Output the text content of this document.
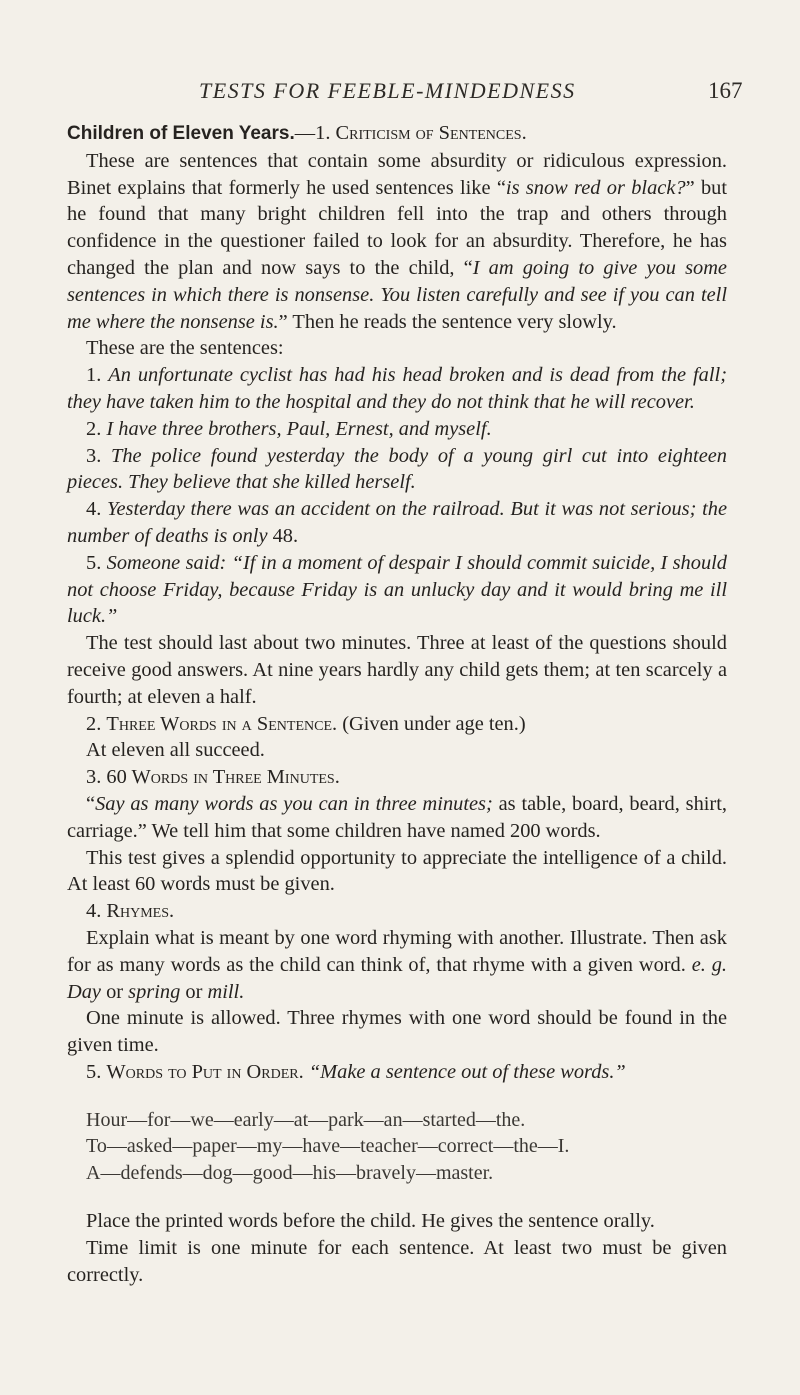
TESTS FOR FEEBLE-MINDEDNESS	167

Children of Eleven Years.—1. Criticism of Sentences.

These are sentences that contain some absurdity or ridiculous expression. Binet explains that formerly he used sentences like “is snow red or black?” but he found that many bright children fell into the trap and others through confidence in the questioner failed to look for an absurdity. Therefore, he has changed the plan and now says to the child, “I am going to give you some sentences in which there is nonsense. You listen carefully and see if you can tell me where the nonsense is.” Then he reads the sentence very slowly.

These are the sentences:

1. An unfortunate cyclist has had his head broken and is dead from the fall; they have taken him to the hospital and they do not think that he will recover.

2. I have three brothers, Paul, Ernest, and myself.

3. The police found yesterday the body of a young girl cut into eighteen pieces. They believe that she killed herself.

4. Yesterday there was an accident on the railroad. But it was not serious; the number of deaths is only 48.

5. Someone said: “If in a moment of despair I should commit suicide, I should not choose Friday, because Friday is an unlucky day and it would bring me ill luck.”

The test should last about two minutes. Three at least of the questions should receive good answers. At nine years hardly any child gets them; at ten scarcely a fourth; at eleven a half.

2. Three Words in a Sentence. (Given under age ten.)

At eleven all succeed.

3. 60 Words in Three Minutes.

“Say as many words as you can in three minutes; as table, board, beard, shirt, carriage.” We tell him that some children have named 200 words.

This test gives a splendid opportunity to appreciate the intelligence of a child. At least 60 words must be given.

4. Rhymes.

Explain what is meant by one word rhyming with another. Illustrate. Then ask for as many words as the child can think of, that rhyme with a given word. e. g. Day or spring or mill.

One minute is allowed. Three rhymes with one word should be found in the given time.

5. Words to Put in Order. “Make a sentence out of these words.”

Hour—for—we—early—at—park—an—started—the.
To—asked—paper—my—have—teacher—correct—the—I.
A—defends—dog—good—his—bravely—master.

Place the printed words before the child. He gives the sentence orally.

Time limit is one minute for each sentence. At least two must be given correctly.
